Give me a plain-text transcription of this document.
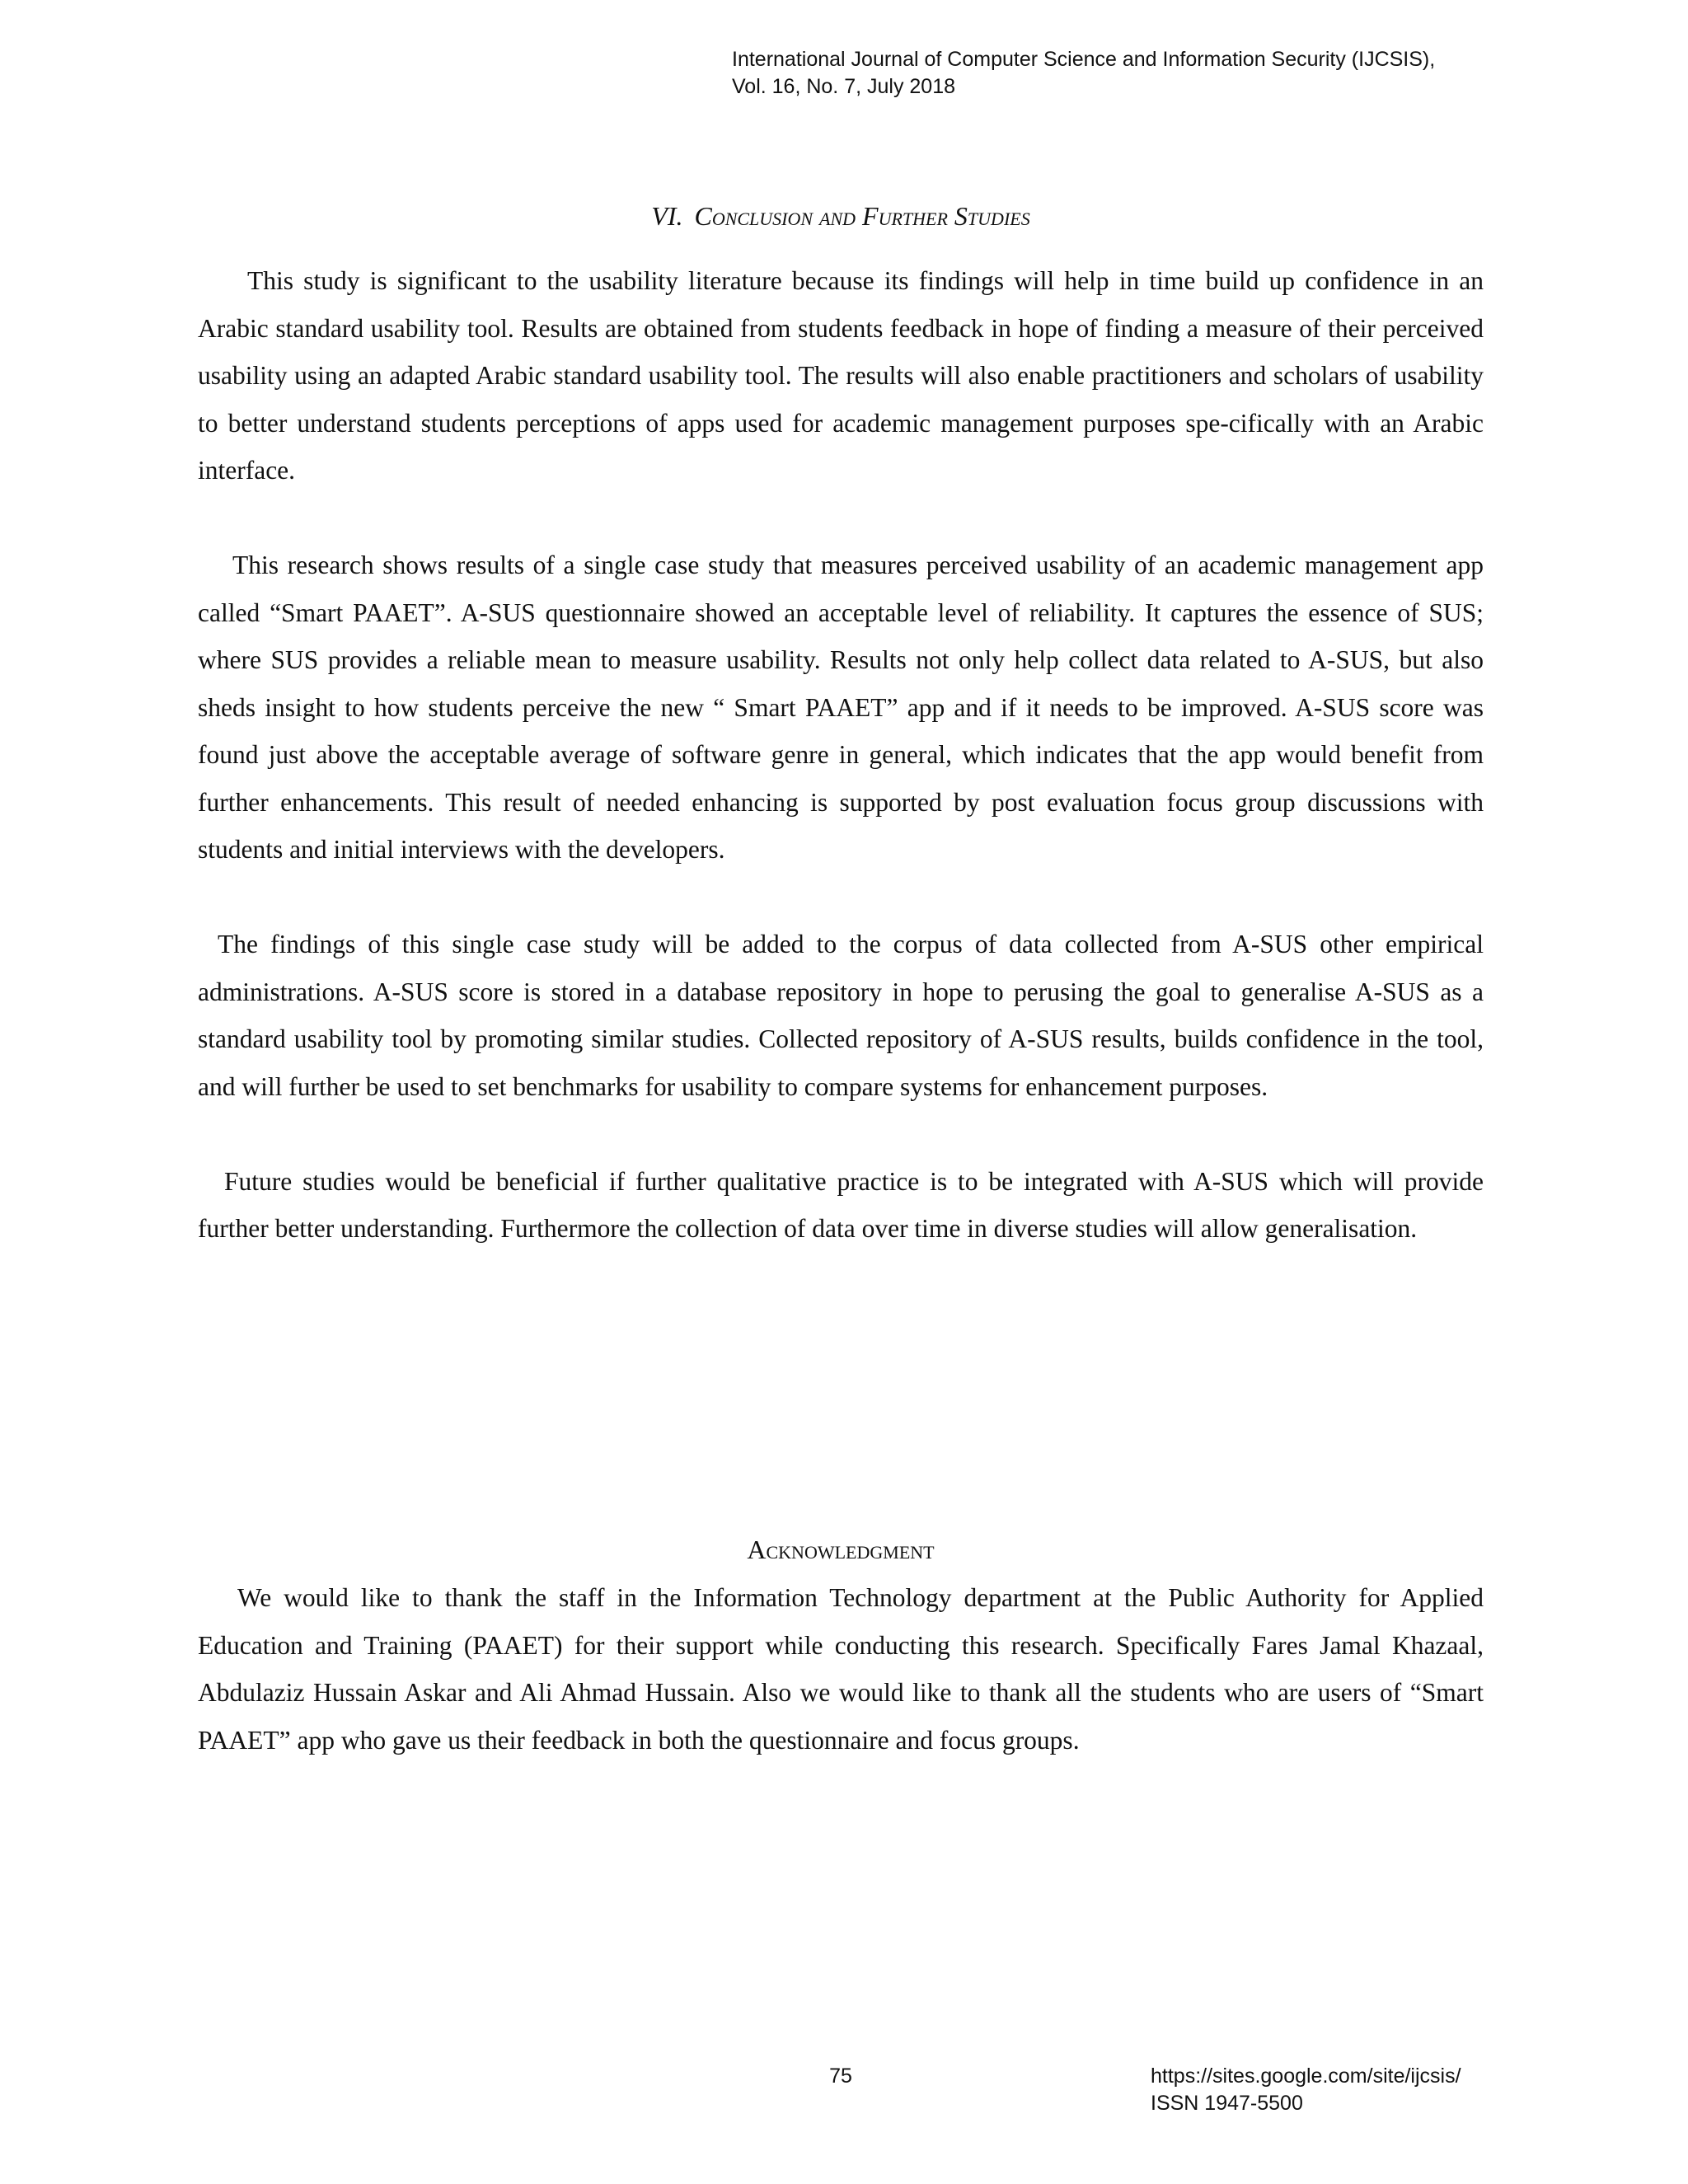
International Journal of Computer Science and Information Security (IJCSIS),
Vol. 16, No. 7, July 2018
VI. Conclusion and Further Studies

This study is significant to the usability literature because its findings will help in time build up confidence in an Arabic standard usability tool. Results are obtained from students feedback in hope of finding a measure of their perceived usability using an adapted Arabic standard usability tool. The results will also enable practitioners and scholars of usability to better understand students perceptions of apps used for academic management purposes spe-cifically with an Arabic interface.

This research shows results of a single case study that measures perceived usability of an academic management app called “Smart PAAET”. A-SUS questionnaire showed an acceptable level of reliability. It captures the essence of SUS; where SUS provides a reliable mean to measure usability. Results not only help collect data related to A-SUS, but also sheds insight to how students perceive the new “ Smart PAAET” app and if it needs to be improved. A-SUS score was found just above the acceptable average of software genre in general, which indicates that the app would benefit from further enhancements. This result of needed enhancing is supported by post evaluation focus group discussions with students and initial interviews with the developers.

The findings of this single case study will be added to the corpus of data collected from A-SUS other empirical administrations. A-SUS score is stored in a database repository in hope to perusing the goal to generalise A-SUS as a standard usability tool by promoting similar studies. Collected repository of A-SUS results, builds confidence in the tool, and will further be used to set benchmarks for usability to compare systems for enhancement purposes.

Future studies would be beneficial if further qualitative practice is to be integrated with A-SUS which will provide further better understanding. Furthermore the collection of data over time in diverse studies will allow generalisation.

Acknowledgment

We would like to thank the staff in the Information Technology department at the Public Authority for Applied Education and Training (PAAET) for their support while conducting this research. Specifically Fares Jamal Khazaal, Abdulaziz Hussain Askar and Ali Ahmad Hussain. Also we would like to thank all the students who are users of “Smart PAAET” app who gave us their feedback in both the questionnaire and focus groups.

75	https://sites.google.com/site/ijcsis/
ISSN 1947-5500
